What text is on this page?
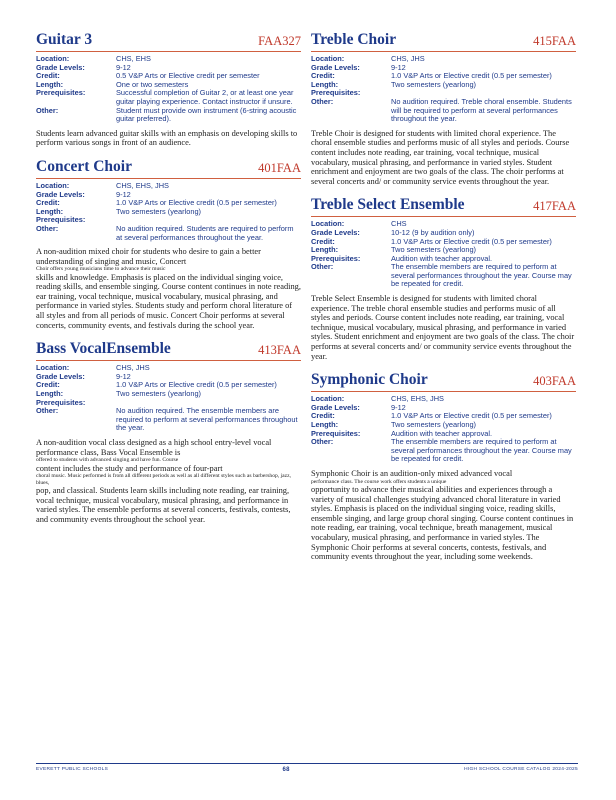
Guitar 3	FAA327
Location:	CHS, EHS
Grade Levels:	9-12
Credit:	0.5 V&P Arts or Elective credit per semester
Length:	One or two semesters
Prerequisites:	Successful completion of Guitar 2, or at least one year guitar playing experience. Contact instructor if unsure.
Other:	Student must provide own instrument (6-string acoustic guitar preferred).
Students learn advanced guitar skills with an emphasis on developing skills to perform various songs in front of an audience.
Concert Choir	401FAA
Location:	CHS, EHS, JHS
Grade Levels:	9-12
Credit:	1.0 V&P Arts or Elective credit (0.5 per semester)
Length:	Two semesters (yearlong)
Prerequisites:
Other:	No audition required. Students are required to perform at several performances throughout the year.
A non-audition mixed choir for students who desire to gain a better understanding of singing and music, Concert
Choir offers young musicians time to advance their music
skills and knowledge. Emphasis is placed on the individual singing voice, reading skills, and ensemble singing. Course content continues in note reading, ear training, vocal technique, musical vocabulary, musical phrasing, and performance in varied styles. Students study and perform choral literature of all styles and from all periods of music. Concert Choir performs at several concerts, community events, and festivals during the school year.
Bass VocalEnsemble	413FAA
Location:	CHS, JHS
Grade Levels:	9-12
Credit:	1.0 V&P Arts or Elective credit (0.5 per semester)
Length:	Two semesters (yearlong)
Prerequisites:
Other:	No audition required. The ensemble members are required to perform at several performances throughout the year.
A non-audition vocal class designed as a high school entry-level vocal performance class, Bass Vocal Ensemble is
offered to students with advanced singing and have fun. Course
content includes the study and performance of four-part
choral music. Music performed is from all different periods as well as all different styles such as barbershop, jazz, blues,
pop, and classical. Students learn skills including note reading, ear training, vocal technique, musical vocabulary, musical phrasing, and performance in varied styles. The ensemble performs at several concerts, festivals, contests, and community events throughout the school year.
Treble Choir	415FAA
Location:	CHS, JHS
Grade Levels:	9-12
Credit:	1.0 V&P Arts or Elective credit (0.5 per semester)
Length:	Two semesters (yearlong)
Prerequisites:
Other:	No audition required. Treble choral ensemble. Students will be required to perform at several performances throughout the year.
Treble Choir is designed for students with limited choral experience. The choral ensemble studies and performs music of all styles and periods. Course content includes note reading, ear training, vocal technique, musical vocabulary, musical phrasing, and performance in varied styles. Student enrichment and enjoyment are two goals of the class. The choir performs at several concerts and/ or community service events throughout the year.
Treble Select Ensemble	417FAA
Location:	CHS
Grade Levels:	10-12 (9 by audition only)
Credit:	1.0 V&P Arts or Elective credit (0.5 per semester)
Length:	Two semesters (yearlong)
Prerequisites:	Audition with teacher approval.
Other:	The ensemble members are required to perform at several performances throughout the year. Course may be repeated for credit.
Treble Select Ensemble is designed for students with limited choral experience. The treble choral ensemble studies and performs music of all styles and periods. Course content includes note reading, ear training, vocal technique, musical vocabulary, musical phrasing, and performance in varied styles. Student enrichment and enjoyment are two goals of the class. The choir performs at several concerts and/ or community service events throughout the year.
Symphonic Choir	403FAA
Location:	CHS, EHS, JHS
Grade Levels:	9-12
Credit:	1.0 V&P Arts or Elective credit (0.5 per semester)
Length:	Two semesters (yearlong)
Prerequisites:	Audition with teacher approval.
Other:	The ensemble members are required to perform at several performances throughout the year. Course may be repeated for credit.
Symphonic Choir is an audition-only mixed advanced vocal
performance class. The course work offers students a unique
opportunity to advance their musical abilities and experiences through a variety of musical challenges studying advanced choral literature in varied styles. Emphasis is placed on the individual singing voice, reading skills, ensemble singing, and large group choral singing. Course content continues in note reading, ear training, vocal technique, breath management, musical vocabulary, musical phrasing, and performance in varied styles. The Symphonic Choir performs at several concerts, contests, festivals, and community events throughout the year, including some weekends.
EVERETT PUBLIC SCHOOLS	68	HIGH SCHOOL COURSE CATALOG 2024-2025
